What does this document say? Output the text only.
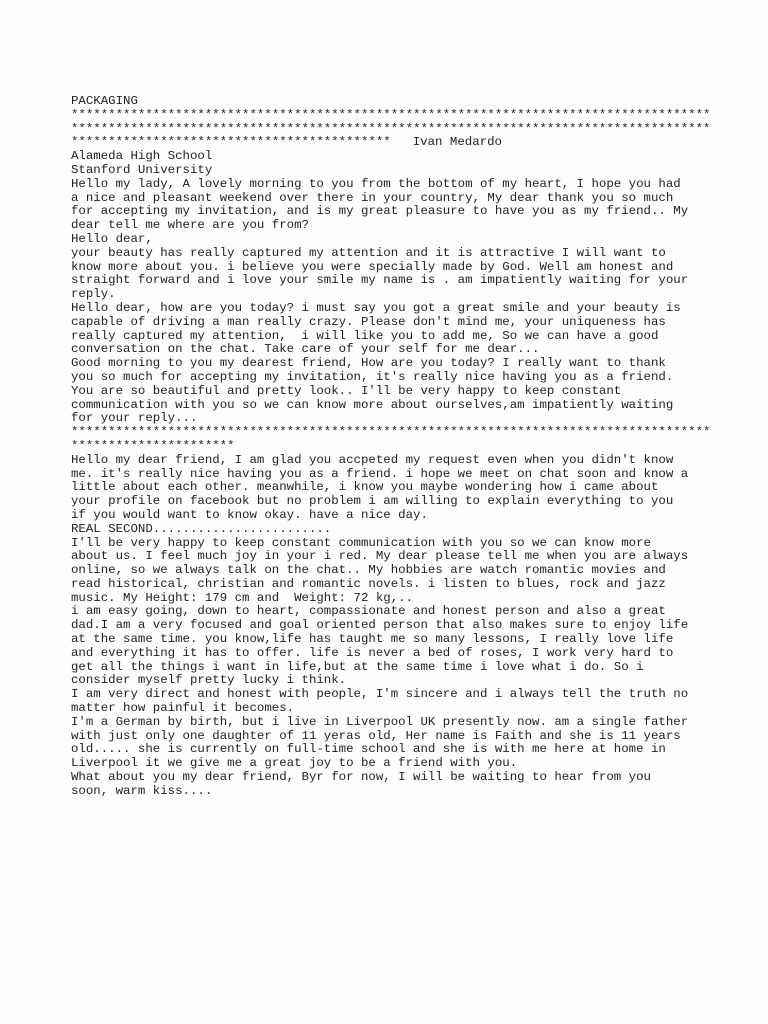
PACKAGING
**************************************************************************************
**************************************************************************************
******************************************* Ivan Medardo
Alameda High School
Stanford University
Hello my lady, A lovely morning to you from the bottom of my heart, I hope you had
a nice and pleasant weekend over there in your country, My dear thank you so much
for accepting my invitation, and is my great pleasure to have you as my friend.. My
dear tell me where are you from?
Hello dear,
your beauty has really captured my attention and it is attractive I will want to
know more about you. i believe you were specially made by God. Well am honest and
straight forward and i love your smile my name is . am impatiently waiting for your
reply.
Hello dear, how are you today? i must say you got a great smile and your beauty is
capable of driving a man really crazy. Please don't mind me, your uniqueness has
really captured my attention,  i will like you to add me, So we can have a good
conversation on the chat. Take care of your self for me dear...
Good morning to you my dearest friend, How are you today? I really want to thank
you so much for accepting my invitation, it's really nice having you as a friend.
You are so beautiful and pretty look.. I'll be very happy to keep constant
communication with you so we can know more about ourselves,am impatiently waiting
for your reply...
**************************************************************************************
**********************
Hello my dear friend, I am glad you accpeted my request even when you didn't know
me. it's really nice having you as a friend. i hope we meet on chat soon and know a
little about each other. meanwhile, i know you maybe wondering how i came about
your profile on facebook but no problem i am willing to explain everything to you
if you would want to know okay. have a nice day.
REAL SECOND........................
I'll be very happy to keep constant communication with you so we can know more
about us. I feel much joy in your i red. My dear please tell me when you are always
online, so we always talk on the chat.. My hobbies are watch romantic movies and
read historical, christian and romantic novels. i listen to blues, rock and jazz
music. My Height: 179 cm and  Weight: 72 kg,..
i am easy going, down to heart, compassionate and honest person and also a great
dad.I am a very focused and goal oriented person that also makes sure to enjoy life
at the same time. you know,life has taught me so many lessons, I really love life
and everything it has to offer. life is never a bed of roses, I work very hard to
get all the things i want in life,but at the same time i love what i do. So i
consider myself pretty lucky i think.
I am very direct and honest with people, I'm sincere and i always tell the truth no
matter how painful it becomes.
I'm a German by birth, but i live in Liverpool UK presently now. am a single father
with just only one daughter of 11 yeras old, Her name is Faith and she is 11 years
old..... she is currently on full-time school and she is with me here at home in
Liverpool it we give me a great joy to be a friend with you.
What about you my dear friend, Byr for now, I will be waiting to hear from you
soon, warm kiss....
